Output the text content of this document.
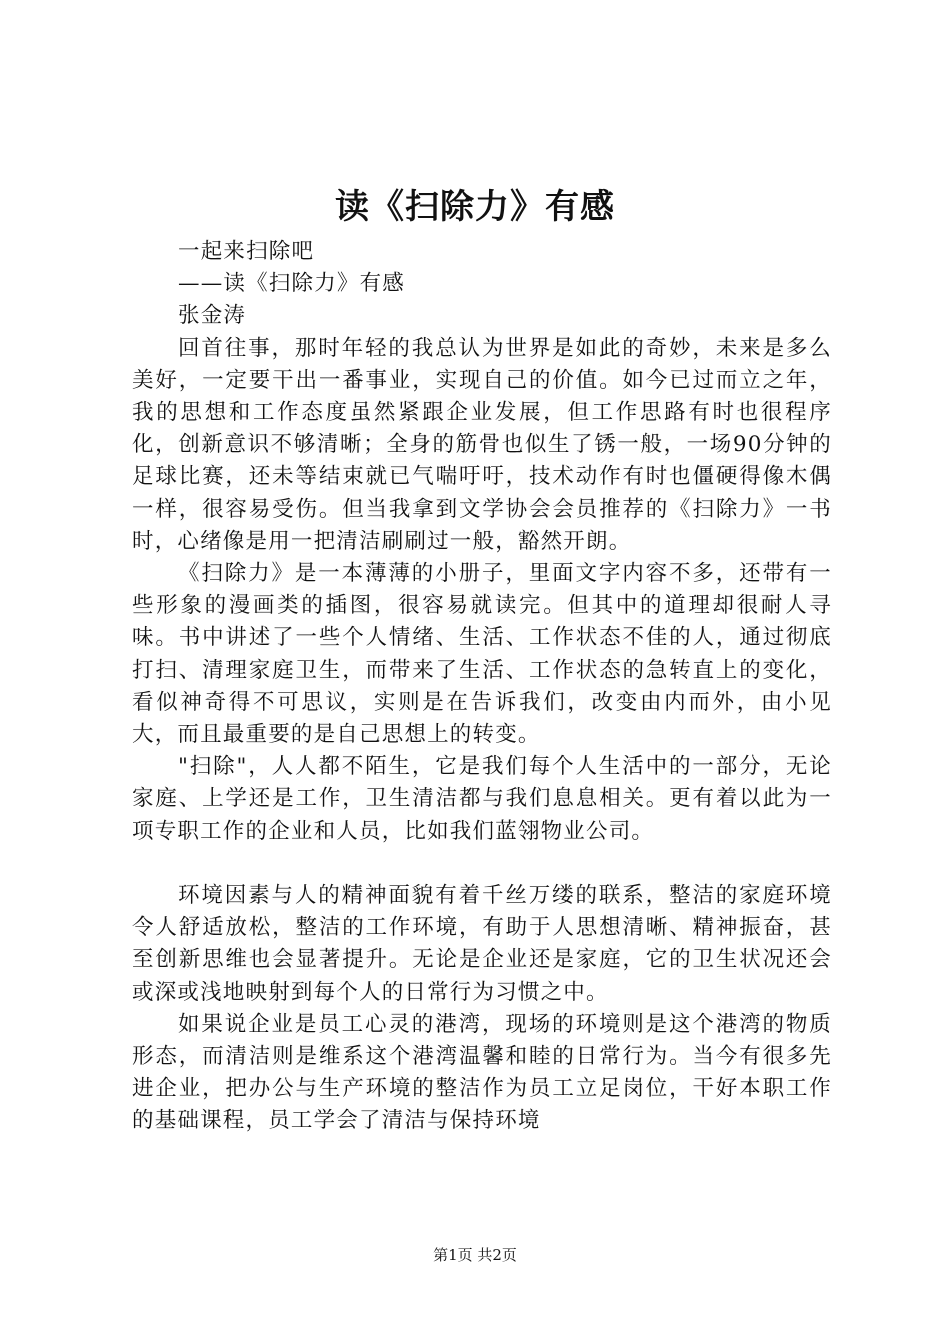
读《扫除力》有感

一起来扫除吧

——读《扫除力》有感

张金涛

回首往事，那时年轻的我总认为世界是如此的奇妙，未来是多么美好，一定要干出一番事业，实现自己的价值。如今已过而立之年，我的思想和工作态度虽然紧跟企业发展，但工作思路有时也很程序化，创新意识不够清晰；全身的筋骨也似生了锈一般，一场90分钟的足球比赛，还未等结束就已气喘吁吁，技术动作有时也僵硬得像木偶一样，很容易受伤。但当我拿到文学协会会员推荐的《扫除力》一书时，心绪像是用一把清洁刷刷过一般，豁然开朗。

《扫除力》是一本薄薄的小册子，里面文字内容不多，还带有一些形象的漫画类的插图，很容易就读完。但其中的道理却很耐人寻味。书中讲述了一些个人情绪、生活、工作状态不佳的人，通过彻底打扫、清理家庭卫生，而带来了生活、工作状态的急转直上的变化，看似神奇得不可思议，实则是在告诉我们，改变由内而外，由小见大，而且最重要的是自己思想上的转变。

"扫除"，人人都不陌生，它是我们每个人生活中的一部分，无论家庭、上学还是工作，卫生清洁都与我们息息相关。更有着以此为一项专职工作的企业和人员，比如我们蓝翎物业公司。

环境因素与人的精神面貌有着千丝万缕的联系，整洁的家庭环境令人舒适放松，整洁的工作环境，有助于人思想清晰、精神振奋，甚至创新思维也会显著提升。无论是企业还是家庭，它的卫生状况还会或深或浅地映射到每个人的日常行为习惯之中。

如果说企业是员工心灵的港湾，现场的环境则是这个港湾的物质形态，而清洁则是维系这个港湾温馨和睦的日常行为。当今有很多先进企业，把办公与生产环境的整洁作为员工立足岗位，干好本职工作的基础课程，员工学会了清洁与保持环境

第1页 共2页
